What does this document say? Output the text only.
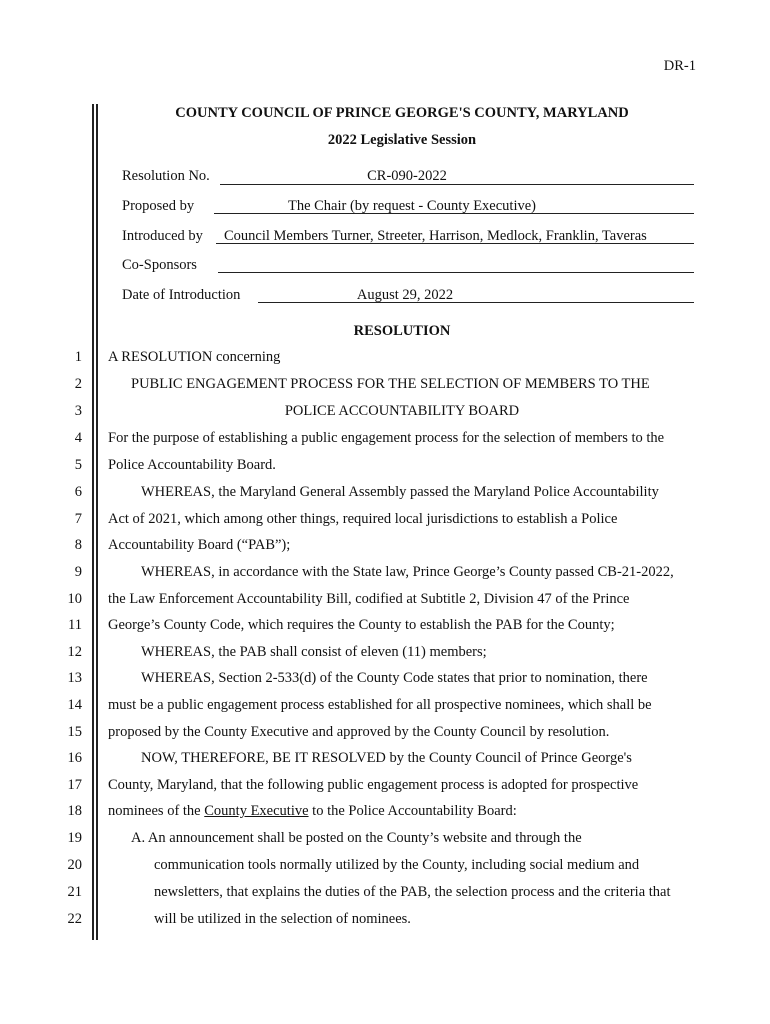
DR-1
COUNTY COUNCIL OF PRINCE GEORGE'S COUNTY, MARYLAND
2022 Legislative Session
Resolution No.	CR-090-2022
Proposed by	The Chair (by request - County Executive)
Introduced by Council Members Turner, Streeter, Harrison, Medlock, Franklin, Taveras
Co-Sponsors
Date of Introduction	August 29, 2022
RESOLUTION
1
2
3
4
5
6
7
8
9
10
11
12
13
14
15
16
17
18
19
20
21
22
A RESOLUTION concerning
PUBLIC ENGAGEMENT PROCESS FOR THE SELECTION OF MEMBERS TO THE
POLICE ACCOUNTABILITY BOARD
For the purpose of establishing a public engagement process for the selection of members to the
Police Accountability Board.
WHEREAS, the Maryland General Assembly passed the Maryland Police Accountability
Act of 2021, which among other things, required local jurisdictions to establish a Police
Accountability Board (“PAB”);
WHEREAS, in accordance with the State law, Prince George’s County passed CB-21-2022,
the Law Enforcement Accountability Bill, codified at Subtitle 2, Division 47 of the Prince
George’s County Code, which requires the County to establish the PAB for the County;
WHEREAS, the PAB shall consist of eleven (11) members;
WHEREAS, Section 2-533(d) of the County Code states that prior to nomination, there
must be a public engagement process established for all prospective nominees, which shall be
proposed by the County Executive and approved by the County Council by resolution.
NOW, THEREFORE, BE IT RESOLVED by the County Council of Prince George's
County, Maryland, that the following public engagement process is adopted for prospective
nominees of the County Executive to the Police Accountability Board:
A. An announcement shall be posted on the County’s website and through the
communication tools normally utilized by the County, including social medium and
newsletters, that explains the duties of the PAB, the selection process and the criteria that
will be utilized in the selection of nominees.
